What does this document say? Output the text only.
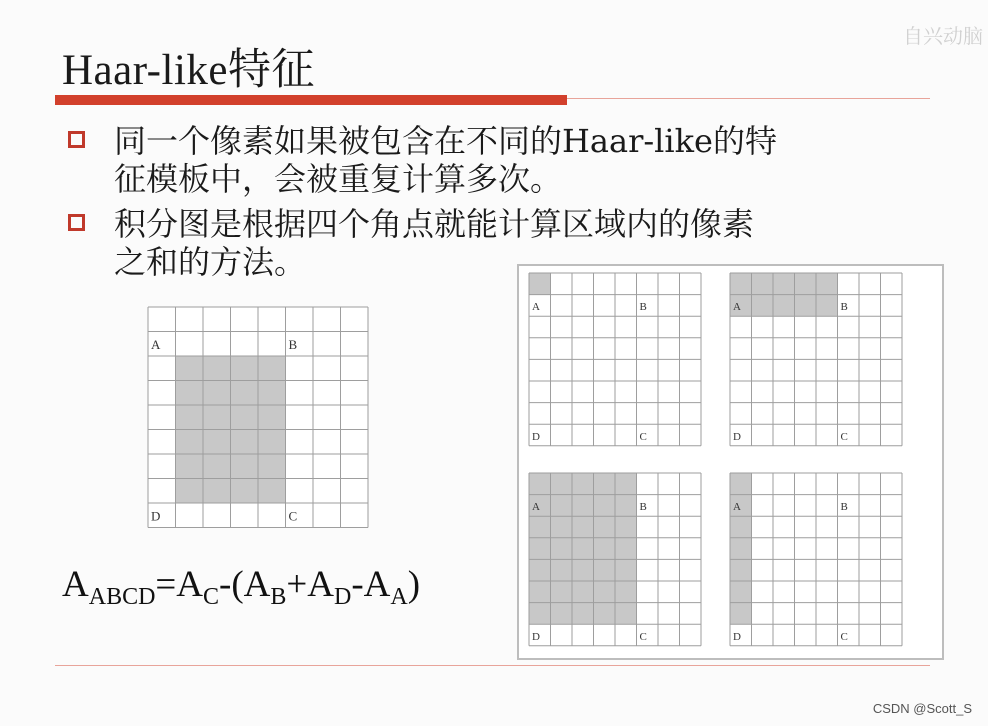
自兴动脑
Haar-like特征
同一个像素如果被包含在不同的Haar-like的特
征模板中，会被重复计算多次。
积分图是根据四个角点就能计算区域内的像素
之和的方法。
A	B
D	C
$A_{ABCD}=A_C-(A_B+A_D-A_A)$
A	B
D	C
A	B
D	C
A	B
D	C
A	B
D	C
CSDN @Scott_S
